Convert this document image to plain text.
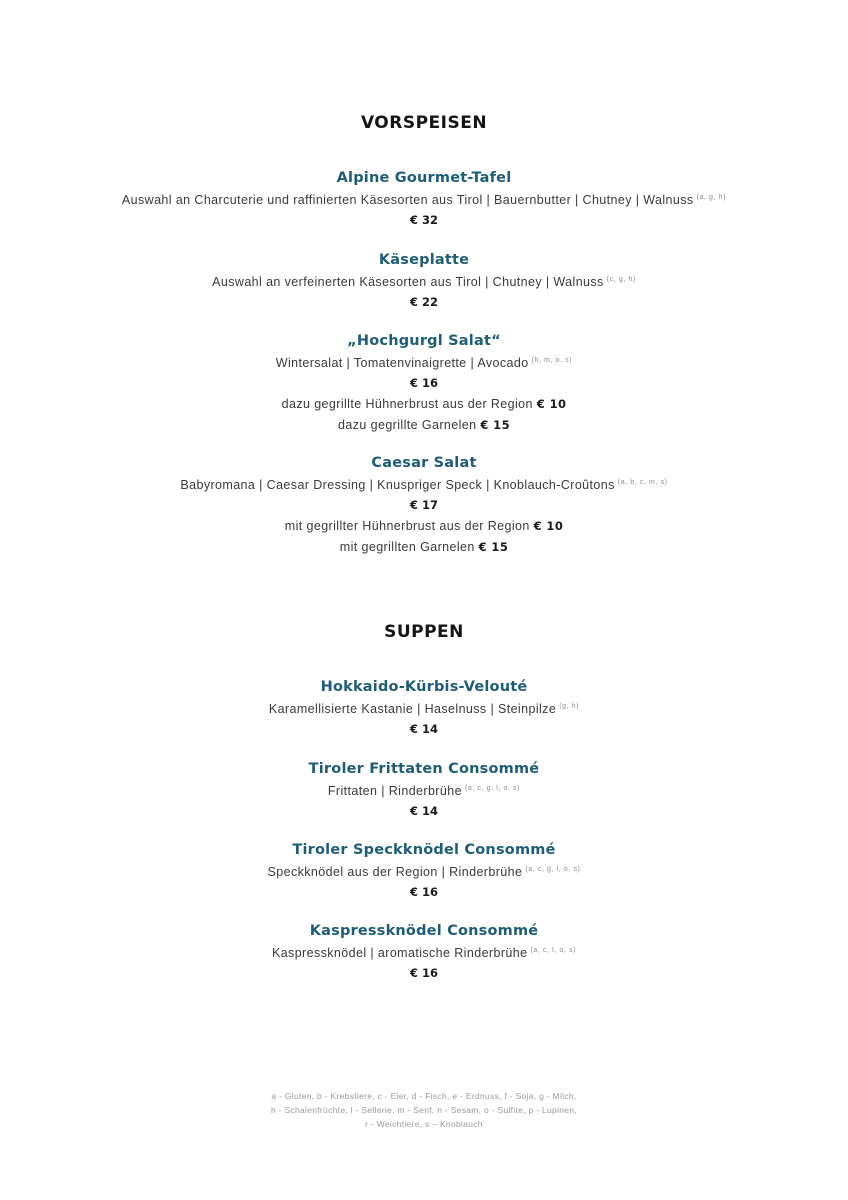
VORSPEISEN
Alpine Gourmet-Tafel
Auswahl an Charcuterie und raffinierten Käsesorten aus Tirol | Bauernbutter | Chutney | Walnuss $^{(a, g, h)}$
€ 32
Käseplatte
Auswahl an verfeinerten Käsesorten aus Tirol | Chutney | Walnuss $^{(c, g, h)}$
€ 22
„Hochgurgl Salat“
Wintersalat | Tomatenvinaigrette | Avocado $^{(h, m, o, s)}$
€ 16
dazu gegrillte Hühnerbrust aus der Region € 10
dazu gegrillte Garnelen € 15
Caesar Salat
Babyromana | Caesar Dressing | Knuspriger Speck | Knoblauch-Croûtons $^{(a, b, c, m, s)}$
€ 17
mit gegrillter Hühnerbrust aus der Region € 10
mit gegrillten Garnelen € 15
SUPPEN
Hokkaido-Kürbis-Velouté
Karamellisierte Kastanie | Haselnuss | Steinpilze $^{(g, h)}$
€ 14
Tiroler Frittaten Consommé
Frittaten | Rinderbrühe $^{(a, c, g, l, o, s)}$
€ 14
Tiroler Speckknödel Consommé
Speckknödel aus der Region | Rinderbrühe $^{(a, c, g, l, o, s)}$
€ 16
Kaspressknödel Consommé
Kaspressknödel | aromatische Rinderbrühe $^{(a, c, l, o, s)}$
€ 16
a - Gluten, b - Krebstiere, c - Eier, d - Fisch, e - Erdnuss, f - Soja, g - Milch,
h - Schalenfrüchte, l - Sellerie, m - Senf, n - Sesam, o - Sulfite, p - Lupinen,
r - Weichtiere, s – Knoblauch
